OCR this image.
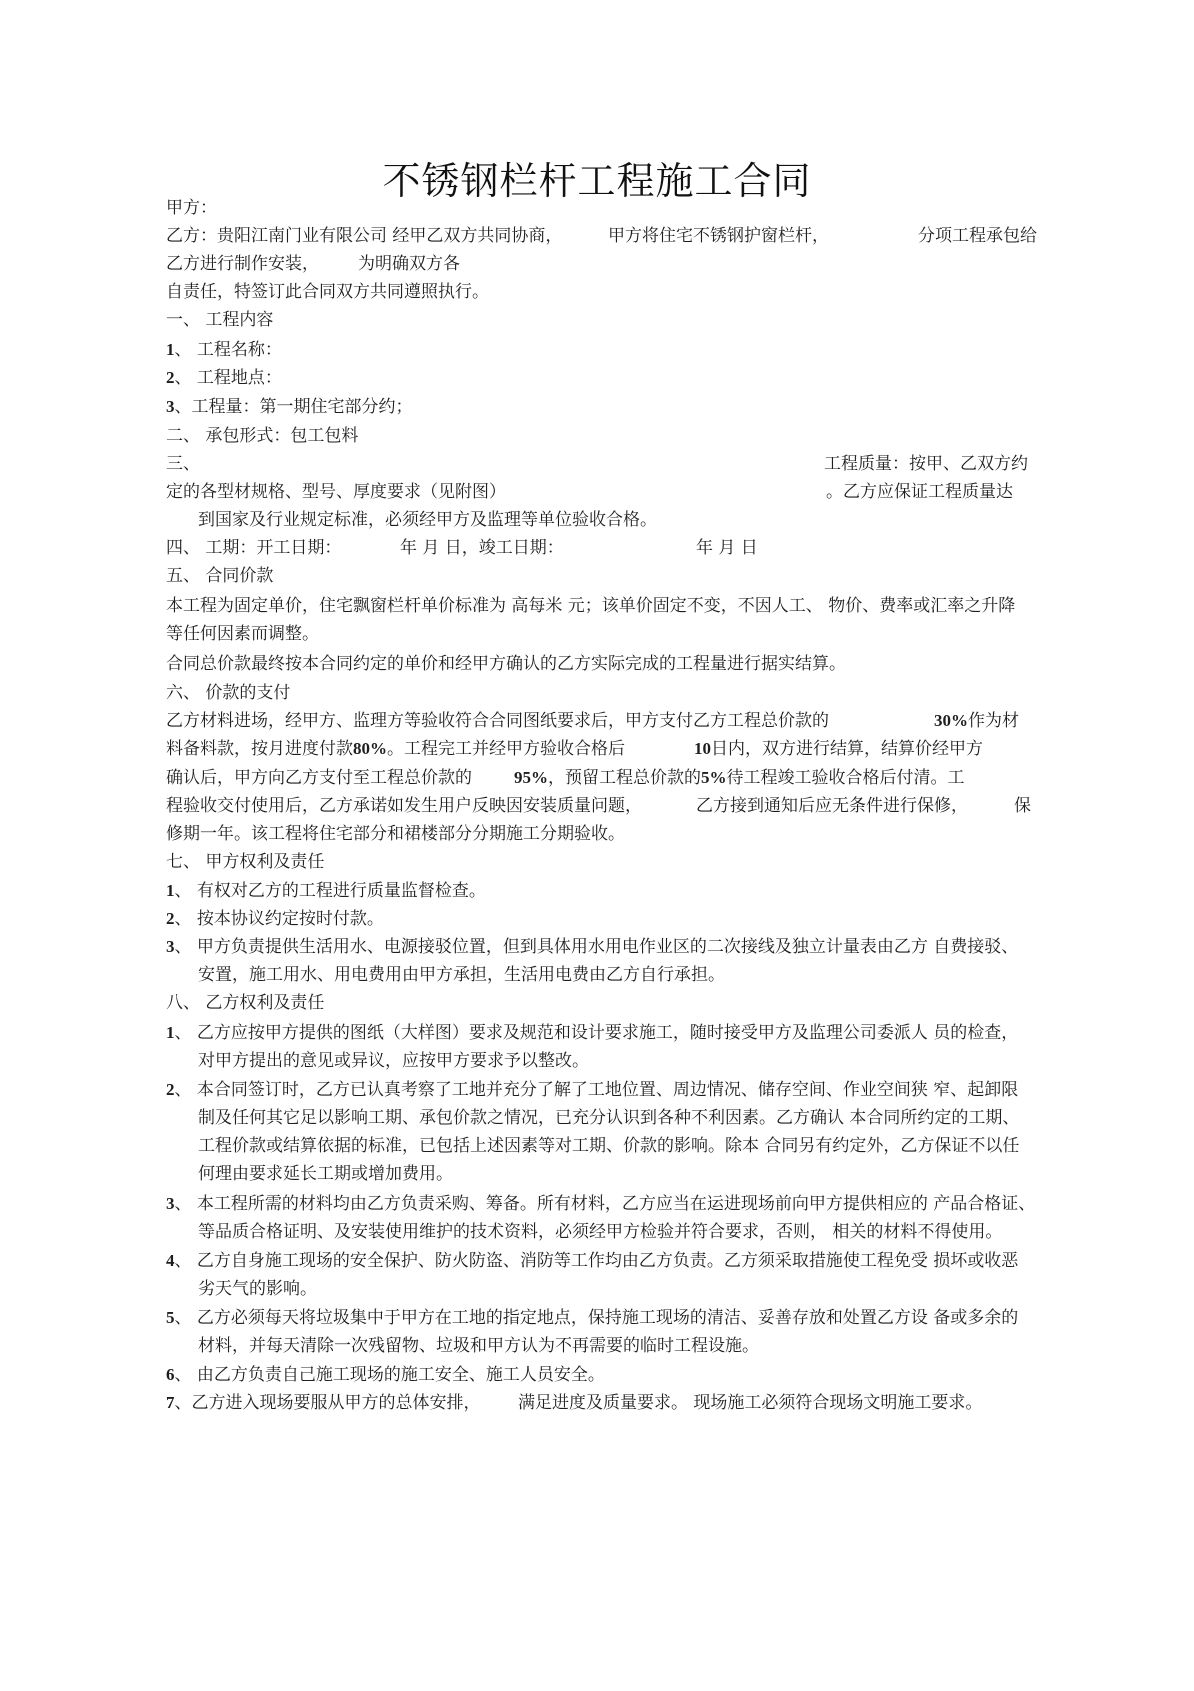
不锈钢栏杆工程施工合同
甲方：
乙方：贵阳江南门业有限公司 经甲乙双方共同协商，	甲方将住宅不锈钢护窗栏杆，	分项工程承包给
乙方进行制作安装， 为明确双方各
自责任，特签订此合同双方共同遵照执行。
一、 工程内容
1、 工程名称：
2、 工程地点：
3、工程量：第一期住宅部分约；
二、 承包形式：包工包料
三、	工程质量：按甲、乙双方约
定的各型材规格、型号、厚度要求（见附图）	。乙方应保证工程质量达
到国家及行业规定标准，必须经甲方及监理等单位验收合格。
四、 工期：开工日期：	年 月 日，竣工日期：	年 月 日
五、 合同价款
本工程为固定单价，住宅飘窗栏杆单价标准为 高每米 元；该单价固定不变，不因人工、 物价、费率或汇率之升降
等任何因素而调整。
合同总价款最终按本合同约定的单价和经甲方确认的乙方实际完成的工程量进行据实结算。
六、 价款的支付
乙方材料进场，经甲方、监理方等验收符合合同图纸要求后，甲方支付乙方工程总价款的	30%作为材
料备料款，按月进度付款80%。工程完工并经甲方验收合格后	10日内，双方进行结算，结算价经甲方
确认后，甲方向乙方支付至工程总价款的 95%，预留工程总价款的5%待工程竣工验收合格后付清。工
程验收交付使用后，乙方承诺如发生用户反映因安装质量问题，	乙方接到通知后应无条件进行保修，	保
修期一年。该工程将住宅部分和裙楼部分分期施工分期验收。
七、 甲方权利及责任
1、 有权对乙方的工程进行质量监督检查。
2、 按本协议约定按时付款。
3、 甲方负责提供生活用水、电源接驳位置，但到具体用水用电作业区的二次接线及独立计量表由乙方 自费接驳、
安置，施工用水、用电费用由甲方承担，生活用电费由乙方自行承担。
八、 乙方权利及责任
1、 乙方应按甲方提供的图纸（大样图）要求及规范和设计要求施工，随时接受甲方及监理公司委派人 员的检查，
对甲方提出的意见或异议，应按甲方要求予以整改。
2、 本合同签订时，乙方已认真考察了工地并充分了解了工地位置、周边情况、储存空间、作业空间狭 窄、起卸限
制及任何其它足以影响工期、承包价款之情况，已充分认识到各种不利因素。乙方确认 本合同所约定的工期、
工程价款或结算依据的标准，已包括上述因素等对工期、价款的影响。除本 合同另有约定外，乙方保证不以任
何理由要求延长工期或增加费用。
3、 本工程所需的材料均由乙方负责采购、筹备。所有材料，乙方应当在运进现场前向甲方提供相应的 产品合格证、
等品质合格证明、及安装使用维护的技术资料，必须经甲方检验并符合要求，否则， 相关的材料不得使用。
4、 乙方自身施工现场的安全保护、防火防盗、消防等工作均由乙方负责。乙方须采取措施使工程免受 损坏或收恶
劣天气的影响。
5、 乙方必须每天将垃圾集中于甲方在工地的指定地点，保持施工现场的清洁、妥善存放和处置乙方设 备或多余的
材料，并每天清除一次残留物、垃圾和甲方认为不再需要的临时工程设施。
6、 由乙方负责自己施工现场的施工安全、施工人员安全。
7、乙方进入现场要服从甲方的总体安排， 满足进度及质量要求。 现场施工必须符合现场文明施工要求。
